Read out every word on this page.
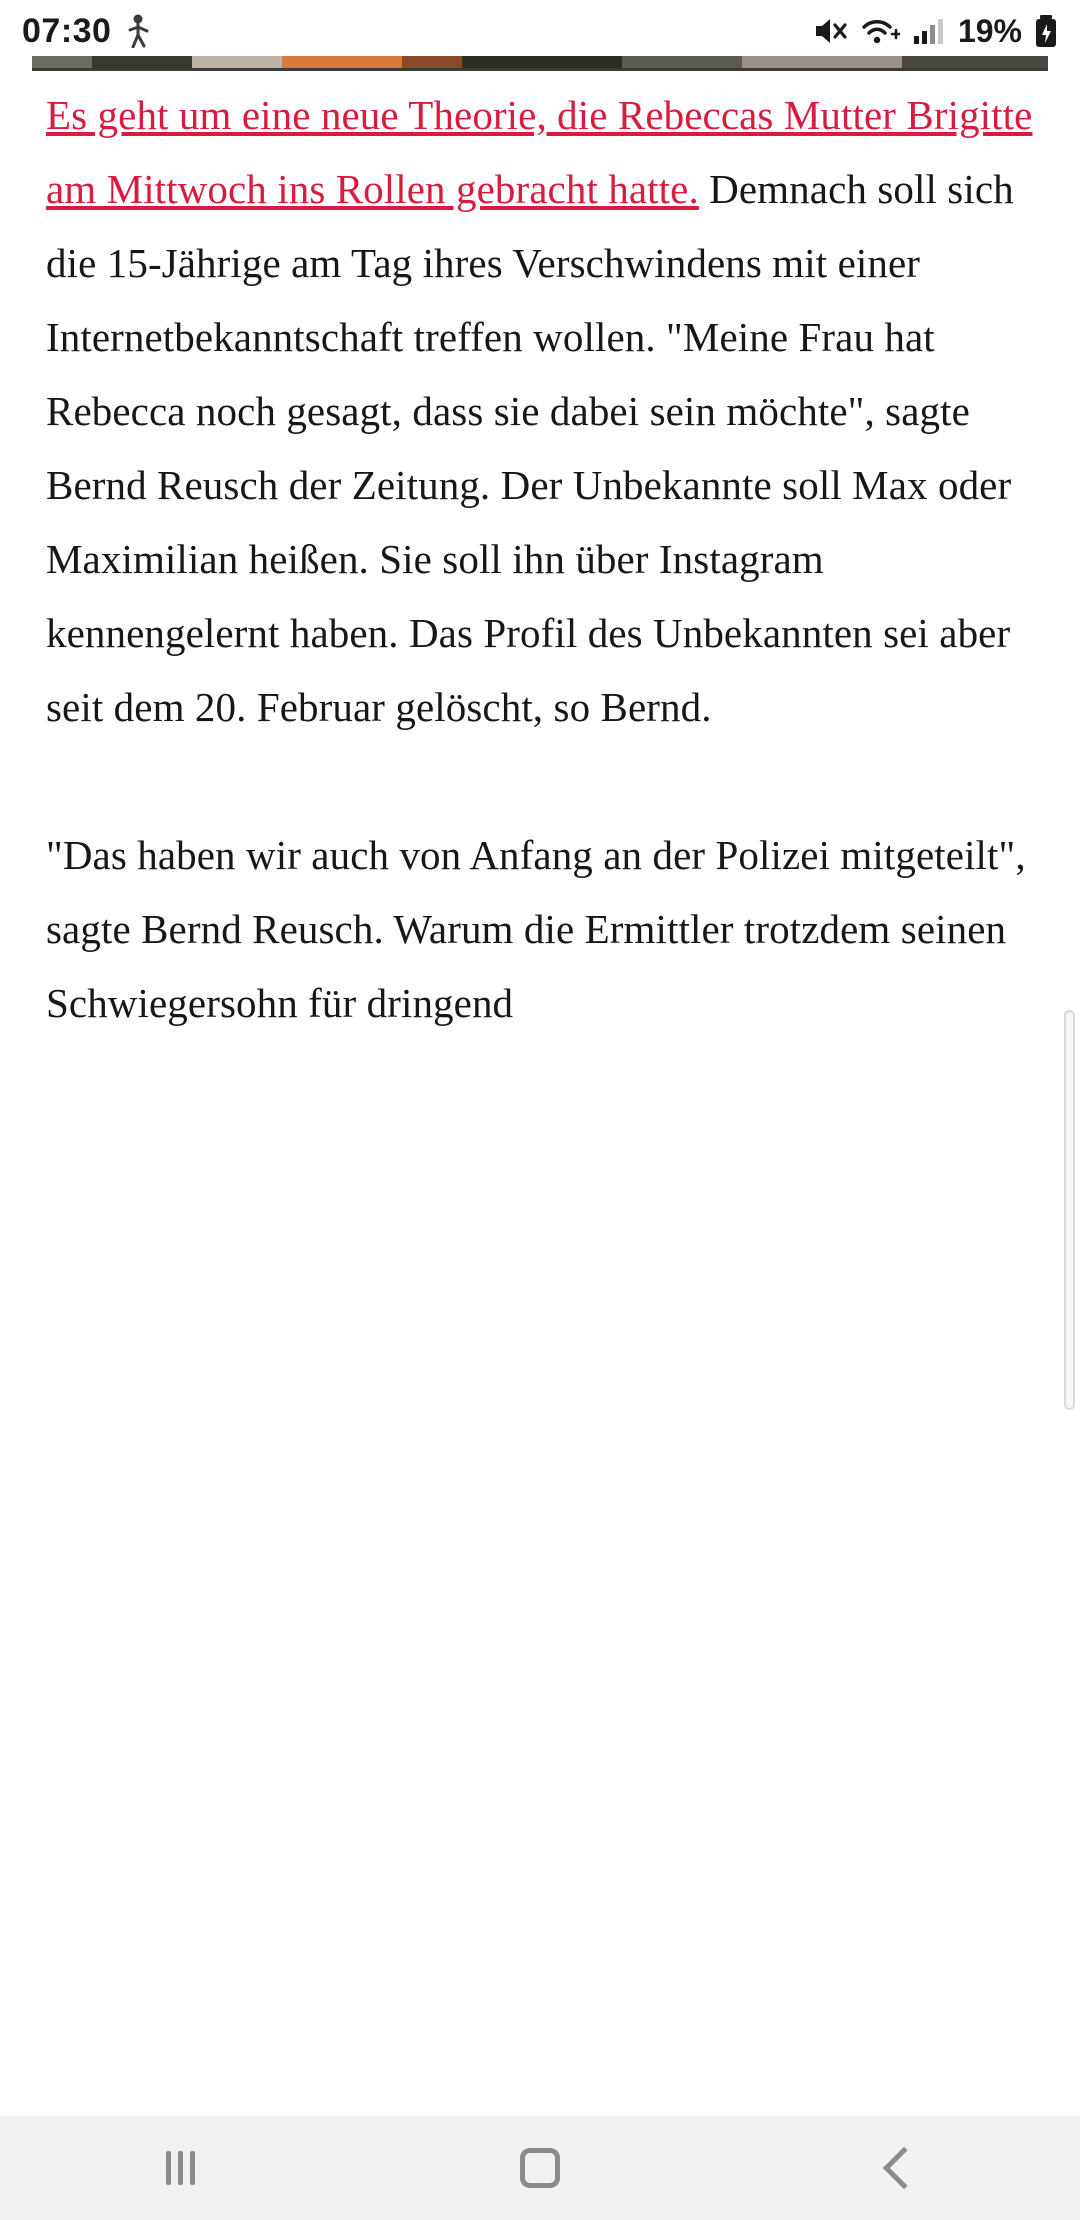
07:30	19%

Es geht um eine neue Theorie, die Rebeccas Mutter Brigitte am Mittwoch ins Rollen gebracht hatte. Demnach soll sich die 15-Jährige am Tag ihres Verschwindens mit einer Internetbekanntschaft treffen wollen. "Meine Frau hat Rebecca noch gesagt, dass sie dabei sein möchte", sagte Bernd Reusch der Zeitung. Der Unbekannte soll Max oder Maximilian heißen. Sie soll ihn über Instagram kennengelernt haben. Das Profil des Unbekannten sei aber seit dem 20. Februar gelöscht, so Bernd.

"Das haben wir auch von Anfang an der Polizei mitgeteilt", sagte Bernd Reusch. Warum die Ermittler trotzdem seinen Schwiegersohn für dringend
